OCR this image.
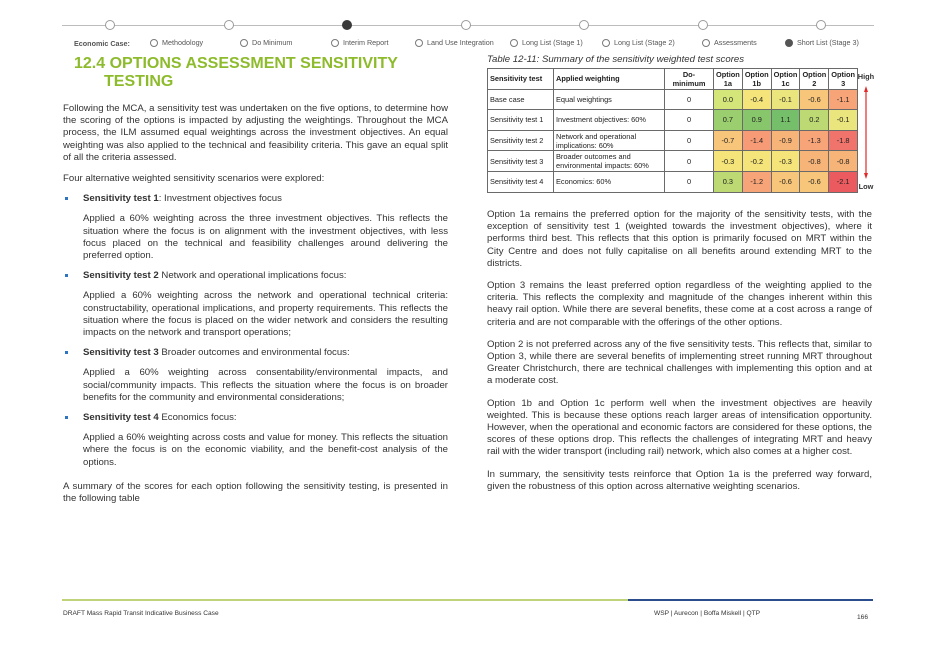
Economic Case:	Methodology	Do Minimum	Interim Report	Land Use Integration	Long List (Stage 1)	Long List (Stage 2)	Assessments	Short List (Stage 3)
12.4 OPTIONS ASSESSMENT SENSITIVITY
TESTING

Following the MCA, a sensitivity test was undertaken on the five options, to determine how the scoring of the options is impacted by adjusting the weightings. Throughout the MCA process, the ILM assumed equal weightings across the investment objectives. An equal weighting was also applied to the technical and feasibility criteria. This gave an equal split of all the criteria assessed.

Four alternative weighted sensitivity scenarios were explored:

Sensitivity test 1: Investment objectives focus

Applied a 60% weighting across the three investment objectives. This reflects the situation where the focus is on alignment with the investment objectives, with less focus placed on the technical and feasibility challenges around delivering the preferred option.

Sensitivity test 2 Network and operational implications focus:

Applied a 60% weighting across the network and operational technical criteria: constructability, operational implications, and property requirements. This reflects the situation where the focus is placed on the wider network and considers the resulting impacts on the network and transport operations;

Sensitivity test 3 Broader outcomes and environmental focus:

Applied a 60% weighting across consentability/environmental impacts, and social/community impacts. This reflects the situation where the focus is on broader benefits for the community and environmental considerations;

Sensitivity test 4 Economics focus:

Applied a 60% weighting across costs and value for money. This reflects the situation where the focus is on the economic viability, and the benefit-cost analysis of the options.

A summary of the scores for each option following the sensitivity testing, is presented in the following table

Table 12-11: Summary of the sensitivity weighted test scores
Sensitivity test	Applied weighting	Do-minimum	Option 1a	Option 1b	Option 1c	Option 2	Option 3
Base case	Equal weightings	0	0.0	-0.4	-0.1	-0.6	-1.1
Sensitivity test 1	Investment objectives: 60%	0	0.7	0.9	1.1	0.2	-0.1
Sensitivity test 2	Network and operational implications: 60%	0	-0.7	-1.4	-0.9	-1.3	-1.8
Sensitivity test 3	Broader outcomes and environmental impacts: 60%	0	-0.3	-0.2	-0.3	-0.8	-0.8
Sensitivity test 4	Economics: 60%	0	0.3	-1.2	-0.6	-0.6	-2.1
High
Low

Option 1a remains the preferred option for the majority of the sensitivity tests, with the exception of sensitivity test 1 (weighted towards the investment objectives), where it performs third best. This reflects that this option is primarily focused on MRT within the City Centre and does not fully capitalise on all benefits around extending MRT to the districts.

Option 3 remains the least preferred option regardless of the weighting applied to the criteria. This reflects the complexity and magnitude of the changes inherent within this heavy rail option. While there are several benefits, these come at a cost across a range of criteria and are not comparable with the offerings of the other options.

Option 2 is not preferred across any of the five sensitivity tests. This reflects that, similar to Option 3, while there are several benefits of implementing street running MRT throughout Greater Christchurch, there are technical challenges with implementing this option and at a moderate cost.

Option 1b and Option 1c perform well when the investment objectives are heavily weighted. This is because these options reach larger areas of intensification opportunity. However, when the operational and economic factors are considered for these options, the scores of these options drop. This reflects the challenges of integrating MRT and heavy rail with the wider transport (including rail) network, which also comes at a higher cost.

In summary, the sensitivity tests reinforce that Option 1a is the preferred way forward, given the robustness of this option across alternative weighting scenarios.

DRAFT Mass Rapid Transit Indicative Business Case	WSP | Aurecon | Boffa Miskell | QTP
166
